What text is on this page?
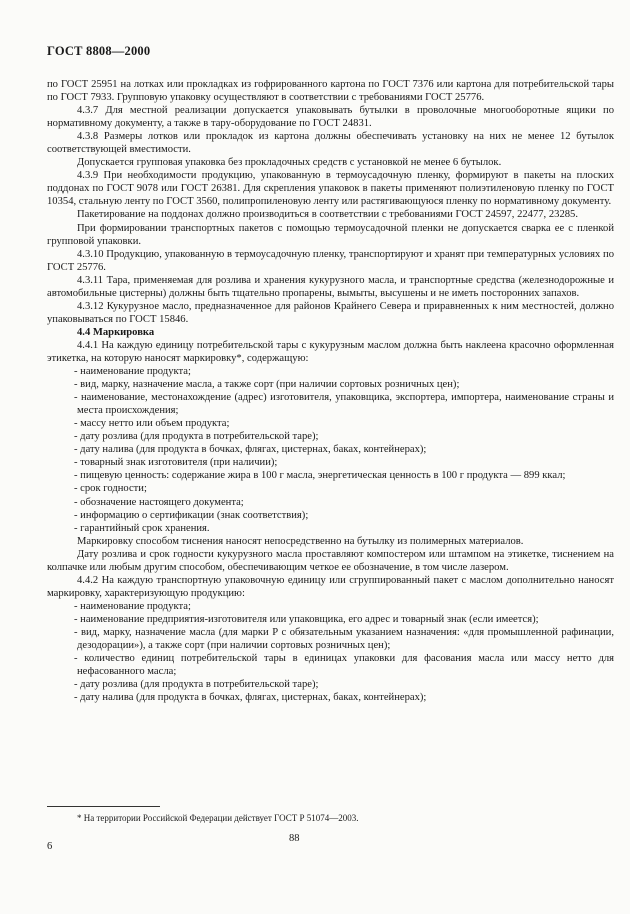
ГОСТ 8808—2000

по ГОСТ 25951 на лотках или прокладках из гофрированного картона по ГОСТ 7376 или картона для потребительской тары по ГОСТ 7933. Групповую упаковку осуществляют в соответствии с требованиями ГОСТ 25776.

4.3.7 Для местной реализации допускается упаковывать бутылки в проволочные многооборотные ящики по нормативному документу, а также в тару-оборудование по ГОСТ 24831.

4.3.8 Размеры лотков или прокладок из картона должны обеспечивать установку на них не менее 12 бутылок соответствующей вместимости.

Допускается групповая упаковка без прокладочных средств с установкой не менее 6 бутылок.

4.3.9 При необходимости продукцию, упакованную в термоусадочную пленку, формируют в пакеты на плоских поддонах по ГОСТ 9078 или ГОСТ 26381. Для скрепления упаковок в пакеты применяют полиэтиленовую пленку по ГОСТ 10354, стальную ленту по ГОСТ 3560, полипропиленовую ленту или растягивающуюся пленку по нормативному документу.

Пакетирование на поддонах должно производиться в соответствии с требованиями ГОСТ 24597, 22477, 23285.

При формировании транспортных пакетов с помощью термоусадочной пленки не допускается сварка ее с пленкой групповой упаковки.

4.3.10 Продукцию, упакованную в термоусадочную пленку, транспортируют и хранят при температурных условиях по ГОСТ 25776.

4.3.11 Тара, применяемая для розлива и хранения кукурузного масла, и транспортные средства (железнодорожные и автомобильные цистерны) должны быть тщательно пропарены, вымыты, высушены и не иметь посторонних запахов.

4.3.12 Кукурузное масло, предназначенное для районов Крайнего Севера и приравненных к ним местностей, должно упаковываться по ГОСТ 15846.

4.4 Маркировка

4.4.1 На каждую единицу потребительской тары с кукурузным маслом должна быть наклеена красочно оформленная этикетка, на которую наносят маркировку*, содержащую:

- наименование продукта;

- вид, марку, назначение масла, а также сорт (при наличии сортовых розничных цен);

- наименование, местонахождение (адрес) изготовителя, упаковщика, экспортера, импортера, наименование страны и места происхождения;

- массу нетто или объем продукта;

- дату розлива (для продукта в потребительской таре);

- дату налива (для продукта в бочках, флягах, цистернах, баках, контейнерах);

- товарный знак изготовителя (при наличии);

- пищевую ценность: содержание жира в 100 г масла, энергетическая ценность в 100 г продукта — 899 ккал;

- срок годности;

- обозначение настоящего документа;

- информацию о сертификации (знак соответствия);

- гарантийный срок хранения.

Маркировку способом тиснения наносят непосредственно на бутылку из полимерных материалов.

Дату розлива и срок годности кукурузного масла проставляют компостером или штампом на этикетке, тиснением на колпачке или любым другим способом, обеспечивающим четкое ее обозначение, в том числе лазером.

4.4.2 На каждую транспортную упаковочную единицу или сгруппированный пакет с маслом дополнительно наносят маркировку, характеризующую продукцию:

- наименование продукта;

- наименование предприятия-изготовителя или упаковщика, его адрес и товарный знак (если имеется);

- вид, марку, назначение масла (для марки Р с обязательным указанием назначения: «для промышленной рафинации, дезодорации»), а также сорт (при наличии сортовых розничных цен);

- количество единиц потребительской тары в единицах упаковки для фасования масла или массу нетто для нефасованного масла;

- дату розлива (для продукта в потребительской таре);

- дату налива (для продукта в бочках, флягах, цистернах, баках, контейнерах);

* На территории Российской Федерации действует ГОСТ Р 51074—2003.
6
88
